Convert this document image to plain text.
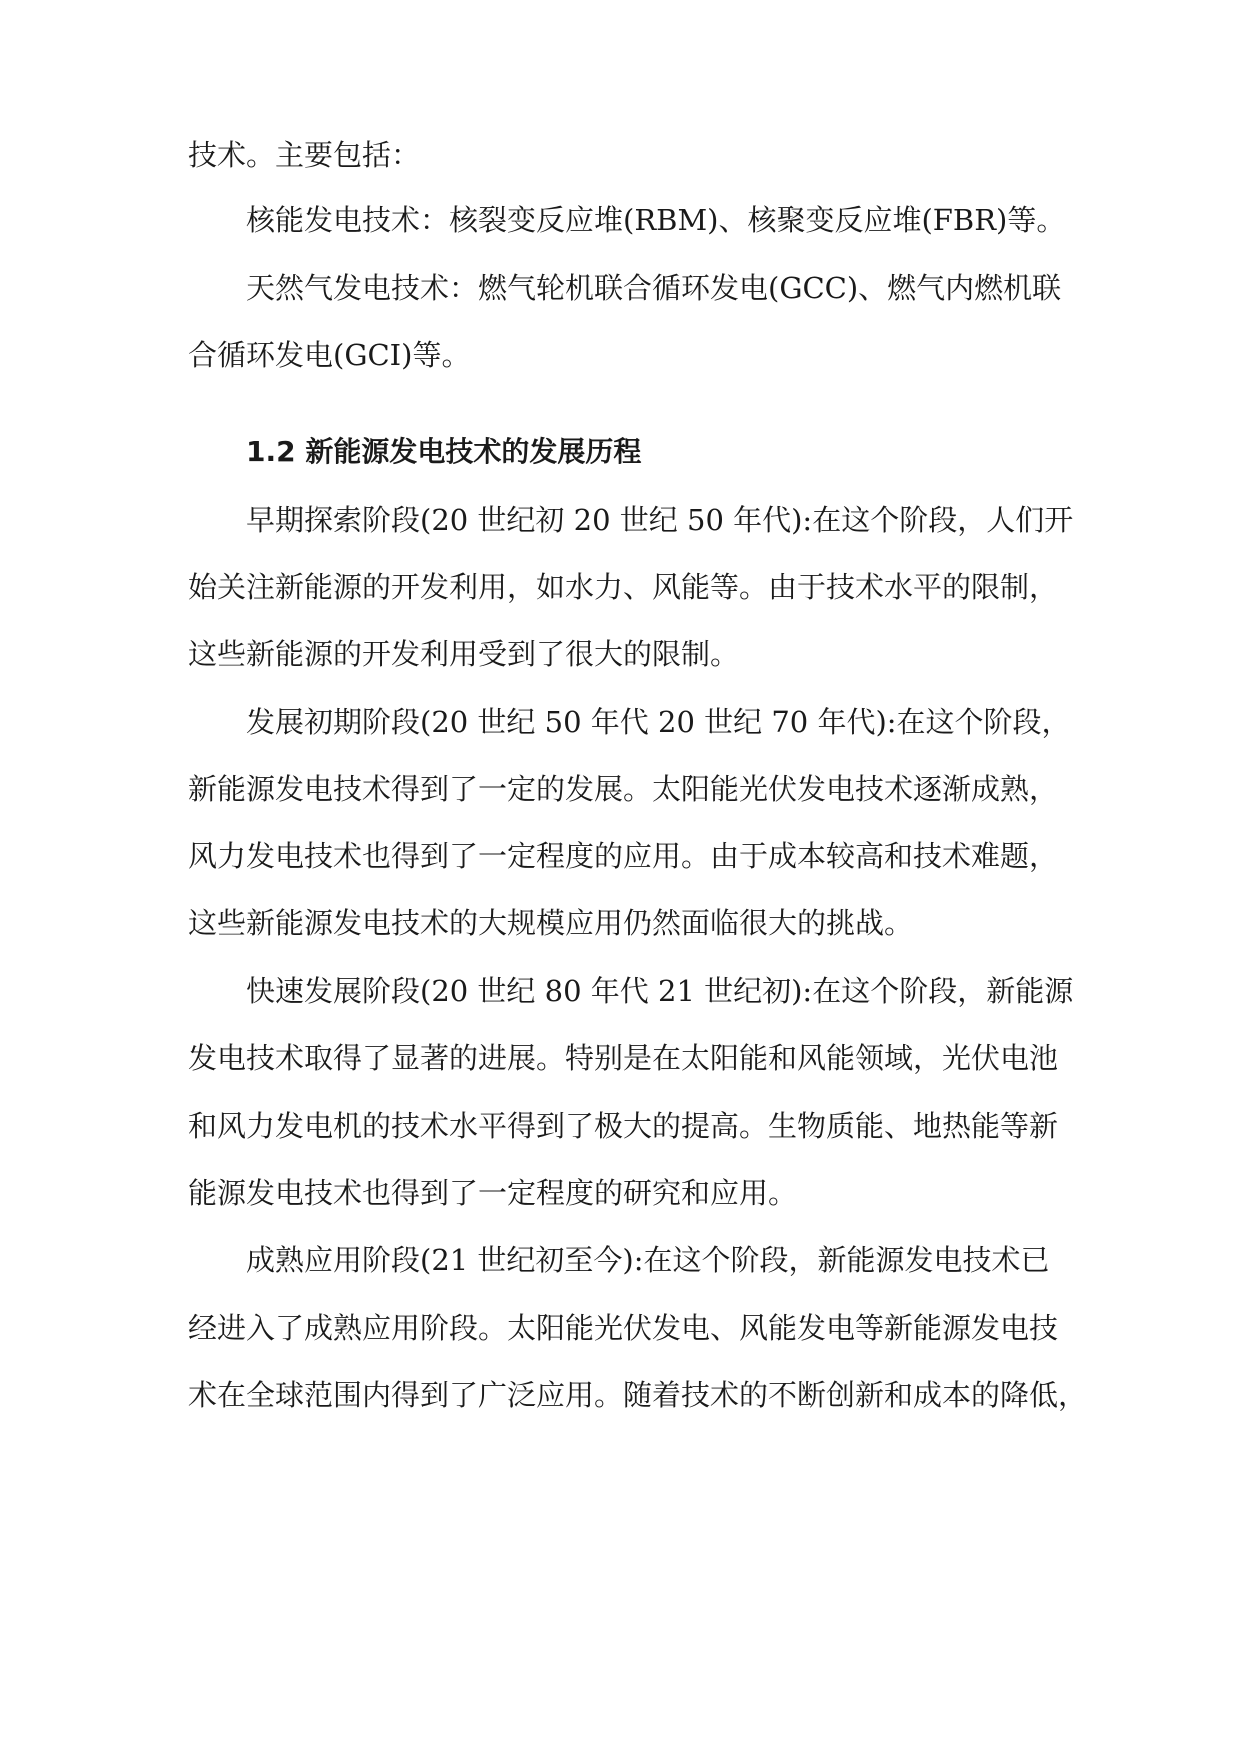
技术。主要包括：
核能发电技术：核裂变反应堆(RBM)、核聚变反应堆(FBR)等。
天然气发电技术：燃气轮机联合循环发电(GCC)、燃气内燃机联
合循环发电(GCI)等。
1.2 新能源发电技术的发展历程
早期探索阶段(20 世纪初 20 世纪 50 年代):在这个阶段，人们开
始关注新能源的开发利用，如水力、风能等。由于技术水平的限制，
这些新能源的开发利用受到了很大的限制。
发展初期阶段(20 世纪 50 年代 20 世纪 70 年代):在这个阶段，
新能源发电技术得到了一定的发展。太阳能光伏发电技术逐渐成熟，
风力发电技术也得到了一定程度的应用。由于成本较高和技术难题，
这些新能源发电技术的大规模应用仍然面临很大的挑战。
快速发展阶段(20 世纪 80 年代 21 世纪初):在这个阶段，新能源
发电技术取得了显著的进展。特别是在太阳能和风能领域，光伏电池
和风力发电机的技术水平得到了极大的提高。生物质能、地热能等新
能源发电技术也得到了一定程度的研究和应用。
成熟应用阶段(21 世纪初至今):在这个阶段，新能源发电技术已
经进入了成熟应用阶段。太阳能光伏发电、风能发电等新能源发电技
术在全球范围内得到了广泛应用。随着技术的不断创新和成本的降低，
